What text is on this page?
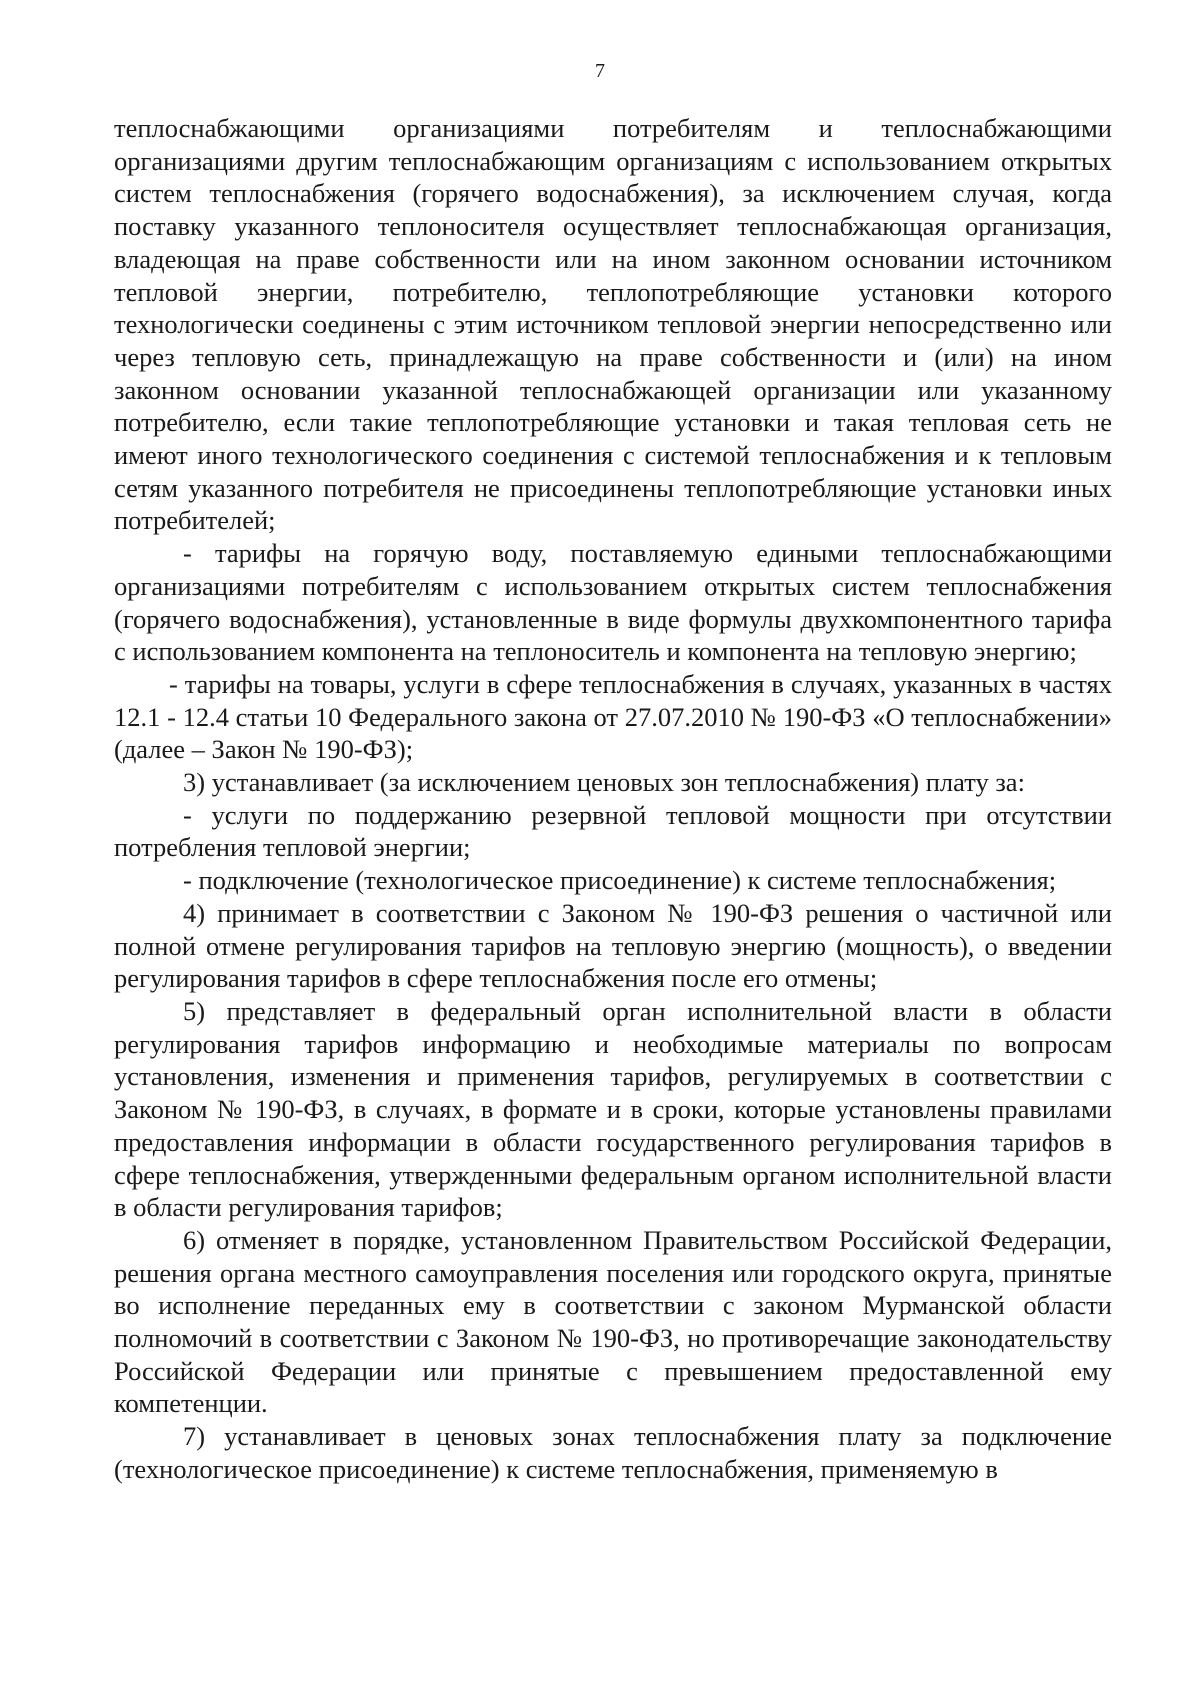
7

теплоснабжающими организациями потребителям и теплоснабжающими организациями другим теплоснабжающим организациям с использованием открытых систем теплоснабжения (горячего водоснабжения), за исключением случая, когда поставку указанного теплоносителя осуществляет теплоснабжающая организация, владеющая на праве собственности или на ином законном основании источником тепловой энергии, потребителю, теплопотребляющие установки которого технологически соединены с этим источником тепловой энергии непосредственно или через тепловую сеть, принадлежащую на праве собственности и (или) на ином законном основании указанной теплоснабжающей организации или указанному потребителю, если такие теплопотребляющие установки и такая тепловая сеть не имеют иного технологического соединения с системой теплоснабжения и к тепловым сетям указанного потребителя не присоединены теплопотребляющие установки иных потребителей;

- тарифы на горячую воду, поставляемую едиными теплоснабжающими организациями потребителям с использованием открытых систем теплоснабжения (горячего водоснабжения), установленные в виде формулы двухкомпонентного тарифа с использованием компонента на теплоноситель и компонента на тепловую энергию;

- тарифы на товары, услуги в сфере теплоснабжения в случаях, указанных в частях 12.1 - 12.4 статьи 10 Федерального закона от 27.07.2010 № 190-ФЗ «О теплоснабжении» (далее – Закон № 190-ФЗ);

3) устанавливает (за исключением ценовых зон теплоснабжения) плату за:

- услуги по поддержанию резервной тепловой мощности при отсутствии потребления тепловой энергии;

- подключение (технологическое присоединение) к системе теплоснабжения;

4) принимает в соответствии с Законом № 190-ФЗ решения о частичной или полной отмене регулирования тарифов на тепловую энергию (мощность), о введении регулирования тарифов в сфере теплоснабжения после его отмены;

5) представляет в федеральный орган исполнительной власти в области регулирования тарифов информацию и необходимые материалы по вопросам установления, изменения и применения тарифов, регулируемых в соответствии с Законом № 190-ФЗ, в случаях, в формате и в сроки, которые установлены правилами предоставления информации в области государственного регулирования тарифов в сфере теплоснабжения, утвержденными федеральным органом исполнительной власти в области регулирования тарифов;

6) отменяет в порядке, установленном Правительством Российской Федерации, решения органа местного самоуправления поселения или городского округа, принятые во исполнение переданных ему в соответствии с законом Мурманской области полномочий в соответствии с Законом № 190-ФЗ, но противоречащие законодательству Российской Федерации или принятые с превышением предоставленной ему компетенции.

7) устанавливает в ценовых зонах теплоснабжения плату за подключение (технологическое присоединение) к системе теплоснабжения, применяемую в
